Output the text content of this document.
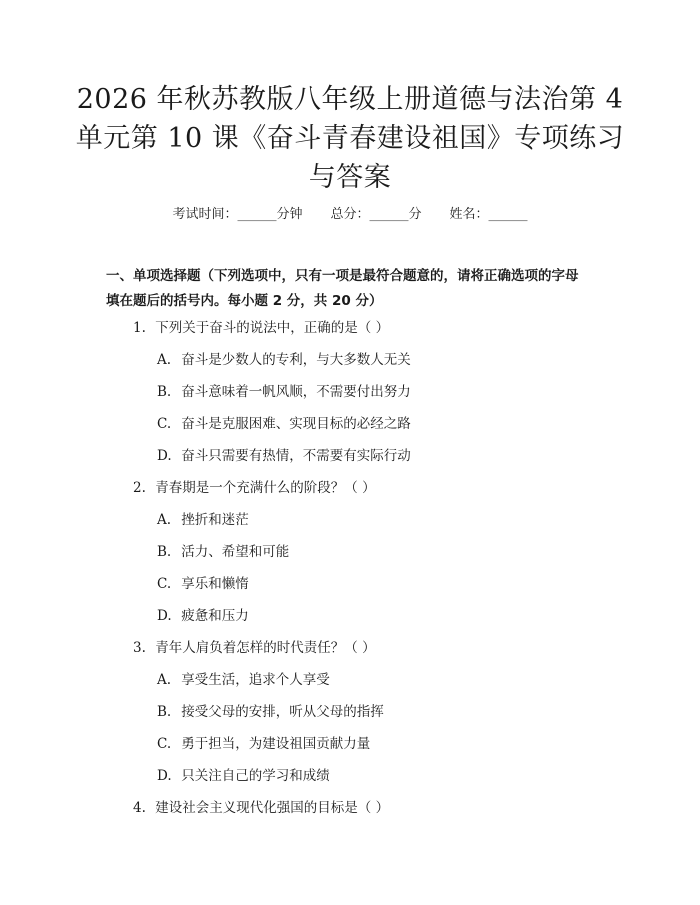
2026 年秋苏教版八年级上册道德与法治第 4
单元第 10 课《奋斗青春建设祖国》专项练习
与答案
考试时间：______分钟 总分：______分 姓名：______
一、单项选择题（下列选项中，只有一项是最符合题意的，请将正确选项的字母
填在题后的括号内。每小题 2 分，共 20 分）
1. 下列关于奋斗的说法中，正确的是（ ）
A. 奋斗是少数人的专利，与大多数人无关
B. 奋斗意味着一帆风顺，不需要付出努力
C. 奋斗是克服困难、实现目标的必经之路
D. 奋斗只需要有热情，不需要有实际行动
2. 青春期是一个充满什么的阶段？（ ）
A. 挫折和迷茫
B. 活力、希望和可能
C. 享乐和懒惰
D. 疲惫和压力
3. 青年人肩负着怎样的时代责任？（ ）
A. 享受生活，追求个人享受
B. 接受父母的安排，听从父母的指挥
C. 勇于担当，为建设祖国贡献力量
D. 只关注自己的学习和成绩
4. 建设社会主义现代化强国的目标是（ ）
